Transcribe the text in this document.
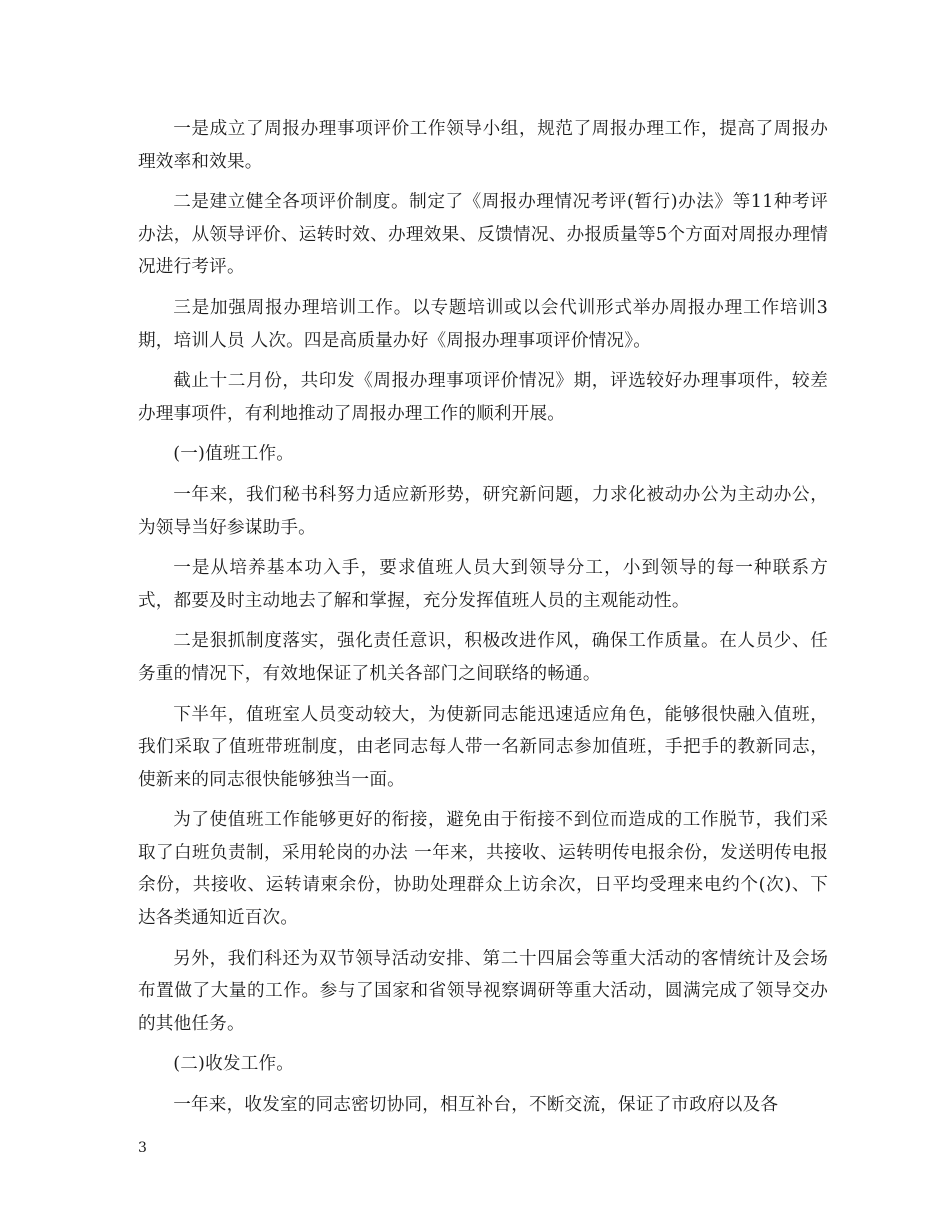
一是成立了周报办理事项评价工作领导小组，规范了周报办理工作，提高了周报办理效率和效果。

二是建立健全各项评价制度。制定了《周报办理情况考评(暂行)办法》等11种考评办法，从领导评价、运转时效、办理效果、反馈情况、办报质量等5个方面对周报办理情况进行考评。

三是加强周报办理培训工作。以专题培训或以会代训形式举办周报办理工作培训3期，培训人员 人次。四是高质量办好《周报办理事项评价情况》。

截止十二月份，共印发《周报办理事项评价情况》期，评选较好办理事项件，较差办理事项件，有利地推动了周报办理工作的顺利开展。

(一)值班工作。

一年来，我们秘书科努力适应新形势，研究新问题，力求化被动办公为主动办公，为领导当好参谋助手。

一是从培养基本功入手，要求值班人员大到领导分工，小到领导的每一种联系方式，都要及时主动地去了解和掌握，充分发挥值班人员的主观能动性。

二是狠抓制度落实，强化责任意识，积极改进作风，确保工作质量。在人员少、任务重的情况下，有效地保证了机关各部门之间联络的畅通。

下半年，值班室人员变动较大，为使新同志能迅速适应角色，能够很快融入值班，我们采取了值班带班制度，由老同志每人带一名新同志参加值班，手把手的教新同志，使新来的同志很快能够独当一面。

为了使值班工作能够更好的衔接，避免由于衔接不到位而造成的工作脱节，我们采取了白班负责制，采用轮岗的办法 一年来，共接收、运转明传电报余份，发送明传电报余份，共接收、运转请柬余份，协助处理群众上访余次，日平均受理来电约个(次)、下达各类通知近百次。

另外，我们科还为双节领导活动安排、第二十四届会等重大活动的客情统计及会场布置做了大量的工作。参与了国家和省领导视察调研等重大活动，圆满完成了领导交办的其他任务。

(二)收发工作。

一年来，收发室的同志密切协同，相互补台，不断交流，保证了市政府以及各

3
